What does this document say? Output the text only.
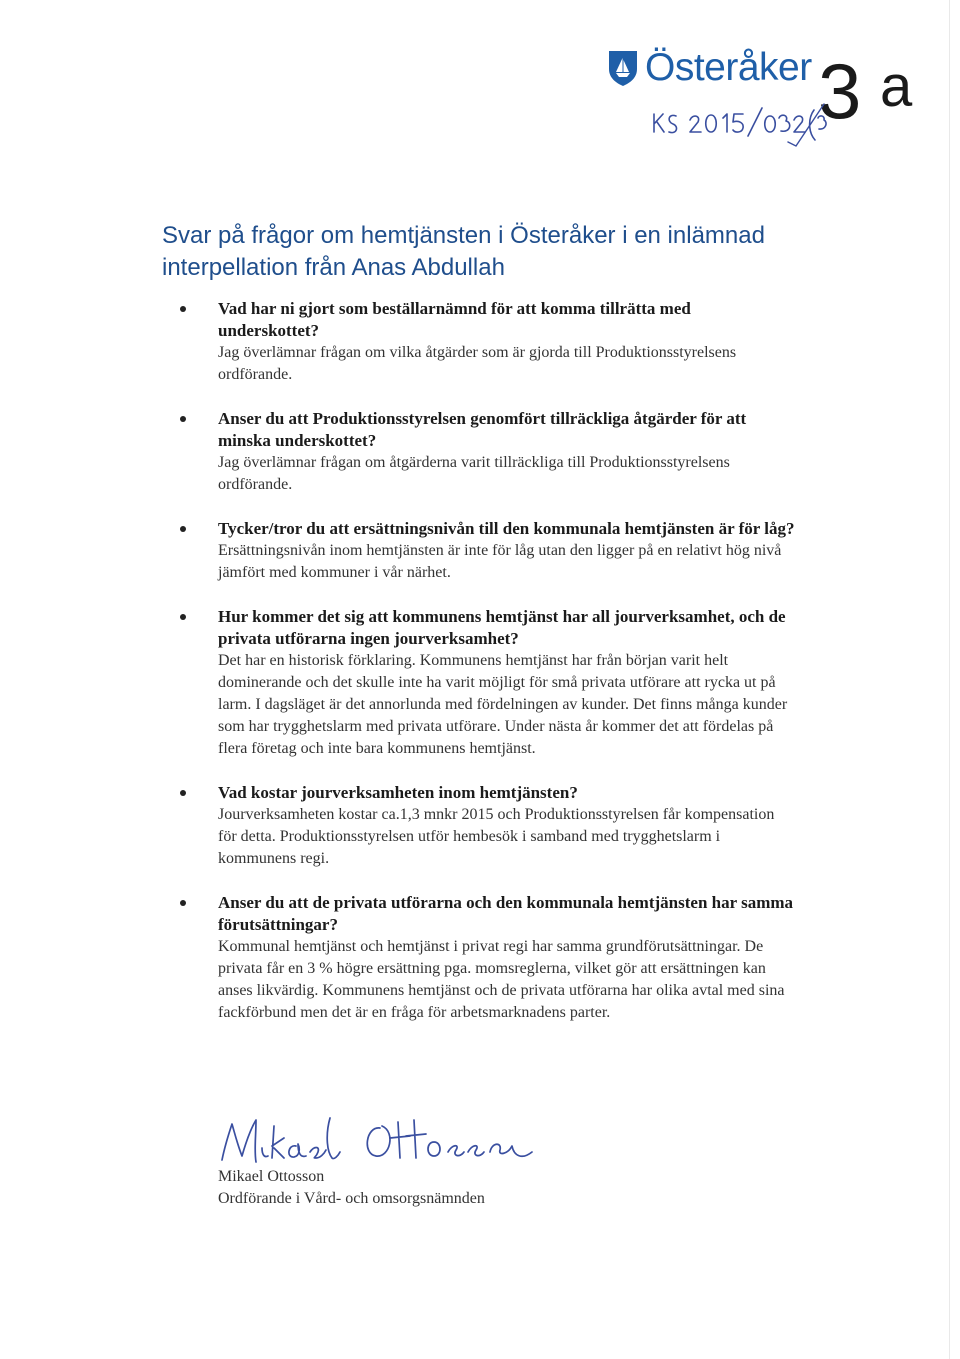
Österåker 3 a
Svar på frågor om hemtjänsten i Österåker i en inlämnad interpellation från Anas Abdullah
Vad har ni gjort som beställarnämnd för att komma tillrätta med underskottet?
Jag överlämnar frågan om vilka åtgärder som är gjorda till Produktionsstyrelsens ordförande.
Anser du att Produktionsstyrelsen genomfört tillräckliga åtgärder för att minska underskottet?
Jag överlämnar frågan om åtgärderna varit tillräckliga till Produktionsstyrelsens ordförande.
Tycker/tror du att ersättningsnivån till den kommunala hemtjänsten är för låg?
Ersättningsnivån inom hemtjänsten är inte för låg utan den ligger på en relativt hög nivå jämfört med kommuner i vår närhet.
Hur kommer det sig att kommunens hemtjänst har all jourverksamhet, och de privata utförarna ingen jourverksamhet?
Det har en historisk förklaring. Kommunens hemtjänst har från början varit helt dominerande och det skulle inte ha varit möjligt för små privata utförare att rycka ut på larm. I dagsläget är det annorlunda med fördelningen av kunder. Det finns många kunder som har trygghetslarm med privata utförare. Under nästa år kommer det att fördelas på flera företag och inte bara kommunens hemtjänst.
Vad kostar jourverksamheten inom hemtjänsten?
Jourverksamheten kostar ca.1,3 mnkr 2015 och Produktionsstyrelsen får kompensation för detta. Produktionsstyrelsen utför hembesök i samband med trygghetslarm i kommunens regi.
Anser du att de privata utförarna och den kommunala hemtjänsten har samma förutsättningar?
Kommunal hemtjänst och hemtjänst i privat regi har samma grundförutsättningar. De privata får en 3 % högre ersättning pga. momsreglerna, vilket gör att ersättningen kan anses likvärdig. Kommunens hemtjänst och de privata utförarna har olika avtal med sina fackförbund men det är en fråga för arbetsmarknadens parter.
Mikael Ottosson
Ordförande i Vård- och omsorgsnämnden
